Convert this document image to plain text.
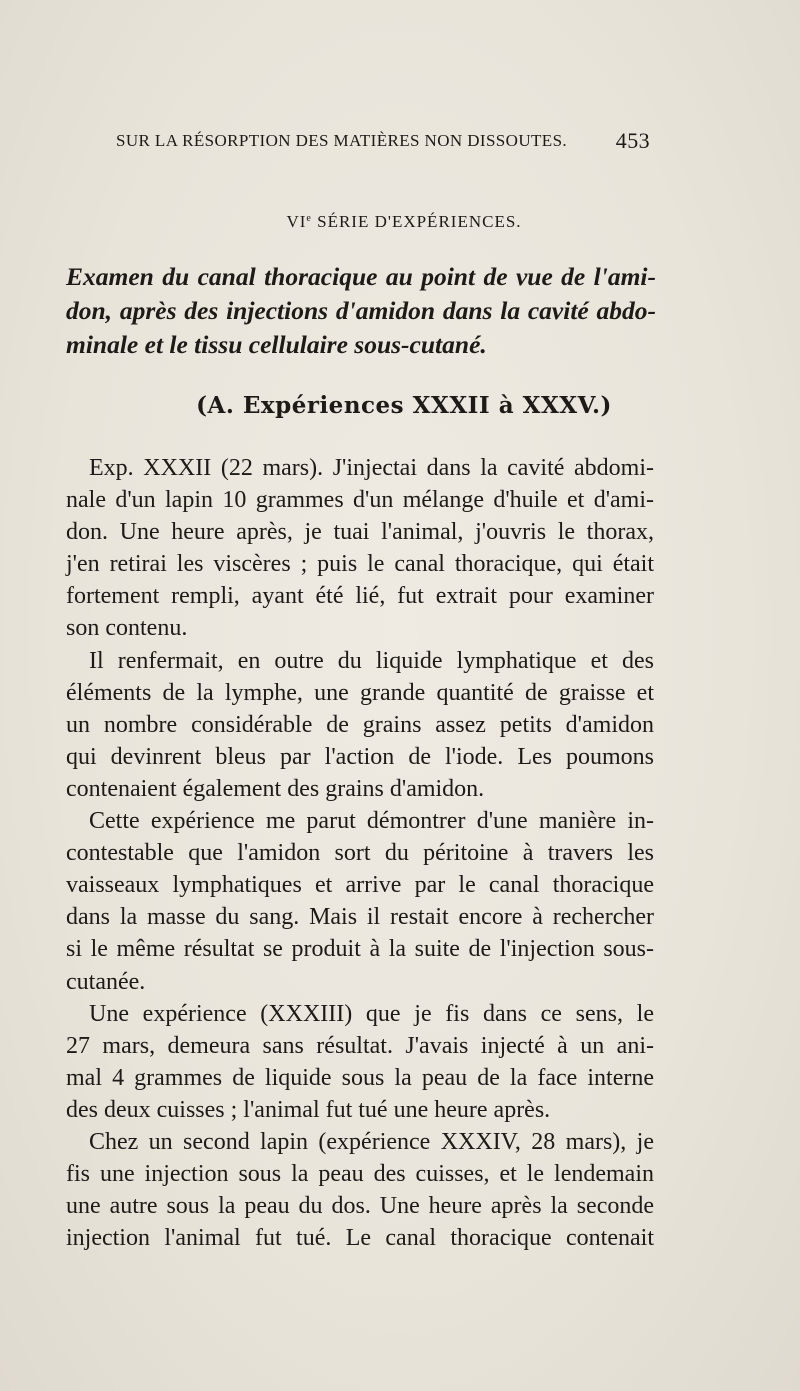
SUR LA RÉSORPTION DES MATIÈRES NON DISSOUTES. 453
VIe SÉRIE D'EXPÉRIENCES.
Examen du canal thoracique au point de vue de l'ami-
don, après des injections d'amidon dans la cavité abdo-
minale et le tissu cellulaire sous-cutané.
(A. Expériences XXXII à XXXV.)
Exp. XXXII (22 mars). J'injectai dans la cavité abdomi-
nale d'un lapin 10 grammes d'un mélange d'huile et d'ami-
don. Une heure après, je tuai l'animal, j'ouvris le thorax,
j'en retirai les viscères ; puis le canal thoracique, qui était
fortement rempli, ayant été lié, fut extrait pour examiner
son contenu.
Il renfermait, en outre du liquide lymphatique et des
éléments de la lymphe, une grande quantité de graisse et
un nombre considérable de grains assez petits d'amidon
qui devinrent bleus par l'action de l'iode. Les poumons
contenaient également des grains d'amidon.
Cette expérience me parut démontrer d'une manière in-
contestable que l'amidon sort du péritoine à travers les
vaisseaux lymphatiques et arrive par le canal thoracique
dans la masse du sang. Mais il restait encore à rechercher
si le même résultat se produit à la suite de l'injection sous-
cutanée.
Une expérience (XXXIII) que je fis dans ce sens, le
27 mars, demeura sans résultat. J'avais injecté à un ani-
mal 4 grammes de liquide sous la peau de la face interne
des deux cuisses ; l'animal fut tué une heure après.
Chez un second lapin (expérience XXXIV, 28 mars), je
fis une injection sous la peau des cuisses, et le lendemain
une autre sous la peau du dos. Une heure après la seconde
injection l'animal fut tué. Le canal thoracique contenait
